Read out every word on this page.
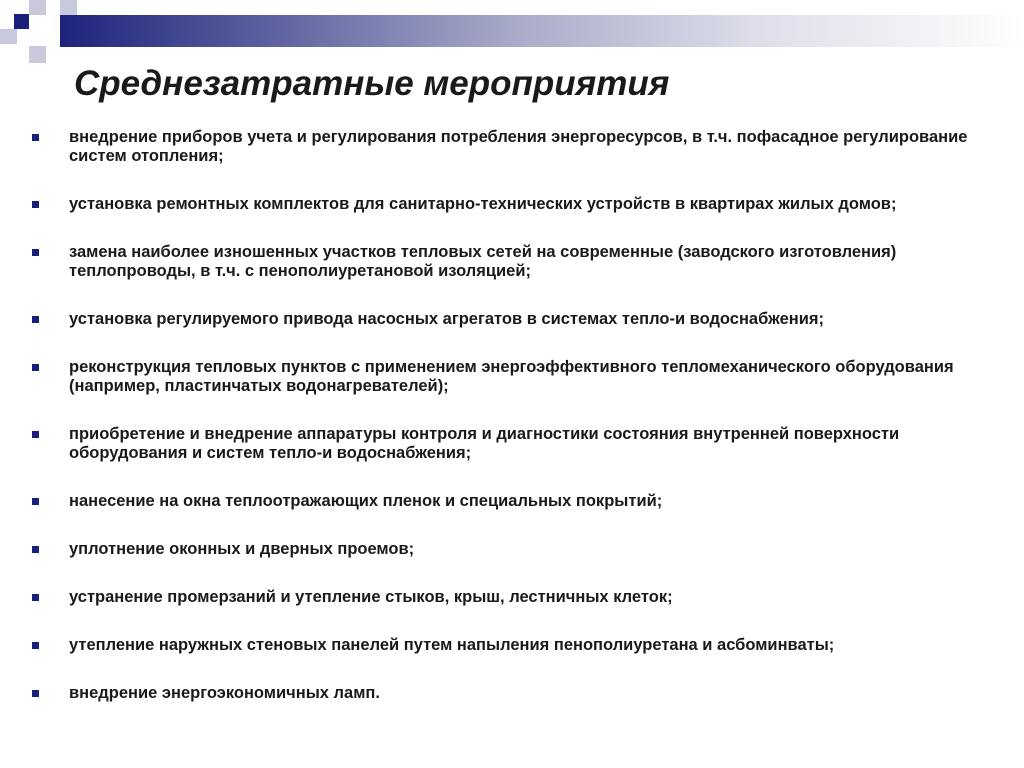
Среднезатратные мероприятия
внедрение приборов учета и регулирования потребления энергоресурсов, в т.ч. пофасадное регулирование систем отопления;
установка ремонтных комплектов для санитарно-технических устройств в квартирах жилых домов;
замена наиболее изношенных участков тепловых сетей на современные (заводского изготовления) теплопроводы, в т.ч. с пенополиуретановой изоляцией;
установка регулируемого привода насосных агрегатов в системах тепло-и водоснабжения;
реконструкция тепловых пунктов с применением энергоэффективного тепломеханического оборудования (например, пластинчатых водонагревателей);
приобретение и внедрение аппаратуры контроля и диагностики состояния внутренней поверхности оборудования и систем тепло-и водоснабжения;
нанесение на окна теплоотражающих пленок и специальных покрытий;
уплотнение оконных и дверных проемов;
устранение промерзаний и утепление стыков, крыш, лестничных клеток;
утепление наружных стеновых панелей путем напыления пенополиуретана и асбоминваты;
внедрение энергоэкономичных ламп.
